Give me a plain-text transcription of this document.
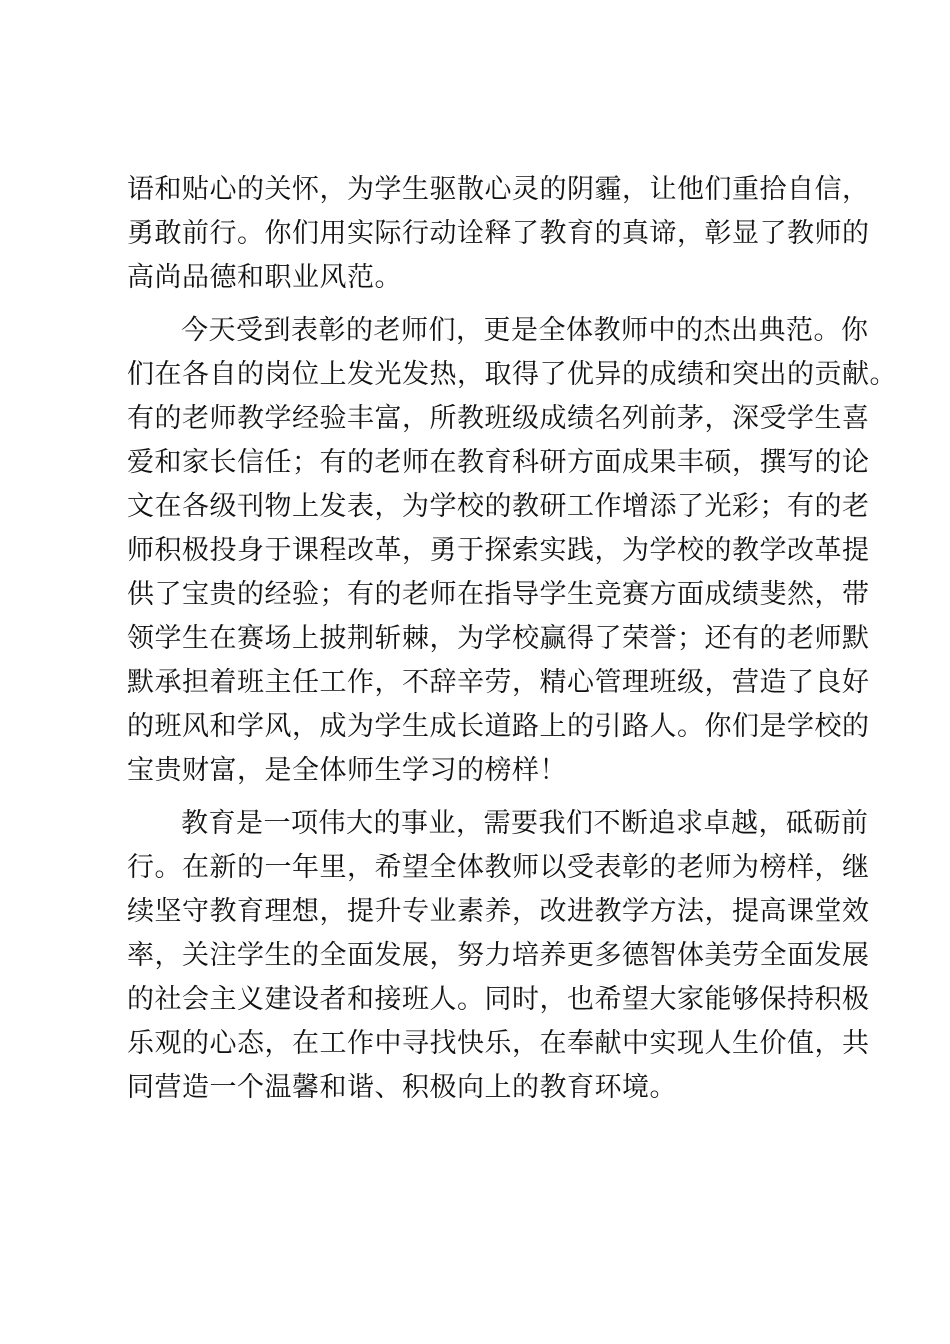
语和贴心的关怀，为学生驱散心灵的阴霾，让他们重拾自信，
勇敢前行。你们用实际行动诠释了教育的真谛，彰显了教师的
高尚品德和职业风范。
今天受到表彰的老师们，更是全体教师中的杰出典范。你
们在各自的岗位上发光发热，取得了优异的成绩和突出的贡献。
有的老师教学经验丰富，所教班级成绩名列前茅，深受学生喜
爱和家长信任；有的老师在教育科研方面成果丰硕，撰写的论
文在各级刊物上发表，为学校的教研工作增添了光彩；有的老
师积极投身于课程改革，勇于探索实践，为学校的教学改革提
供了宝贵的经验；有的老师在指导学生竞赛方面成绩斐然，带
领学生在赛场上披荆斩棘，为学校赢得了荣誉；还有的老师默
默承担着班主任工作，不辞辛劳，精心管理班级，营造了良好
的班风和学风，成为学生成长道路上的引路人。你们是学校的
宝贵财富，是全体师生学习的榜样！
教育是一项伟大的事业，需要我们不断追求卓越，砥砺前
行。在新的一年里，希望全体教师以受表彰的老师为榜样，继
续坚守教育理想，提升专业素养，改进教学方法，提高课堂效
率，关注学生的全面发展，努力培养更多德智体美劳全面发展
的社会主义建设者和接班人。同时，也希望大家能够保持积极
乐观的心态，在工作中寻找快乐，在奉献中实现人生价值，共
同营造一个温馨和谐、积极向上的教育环境。
